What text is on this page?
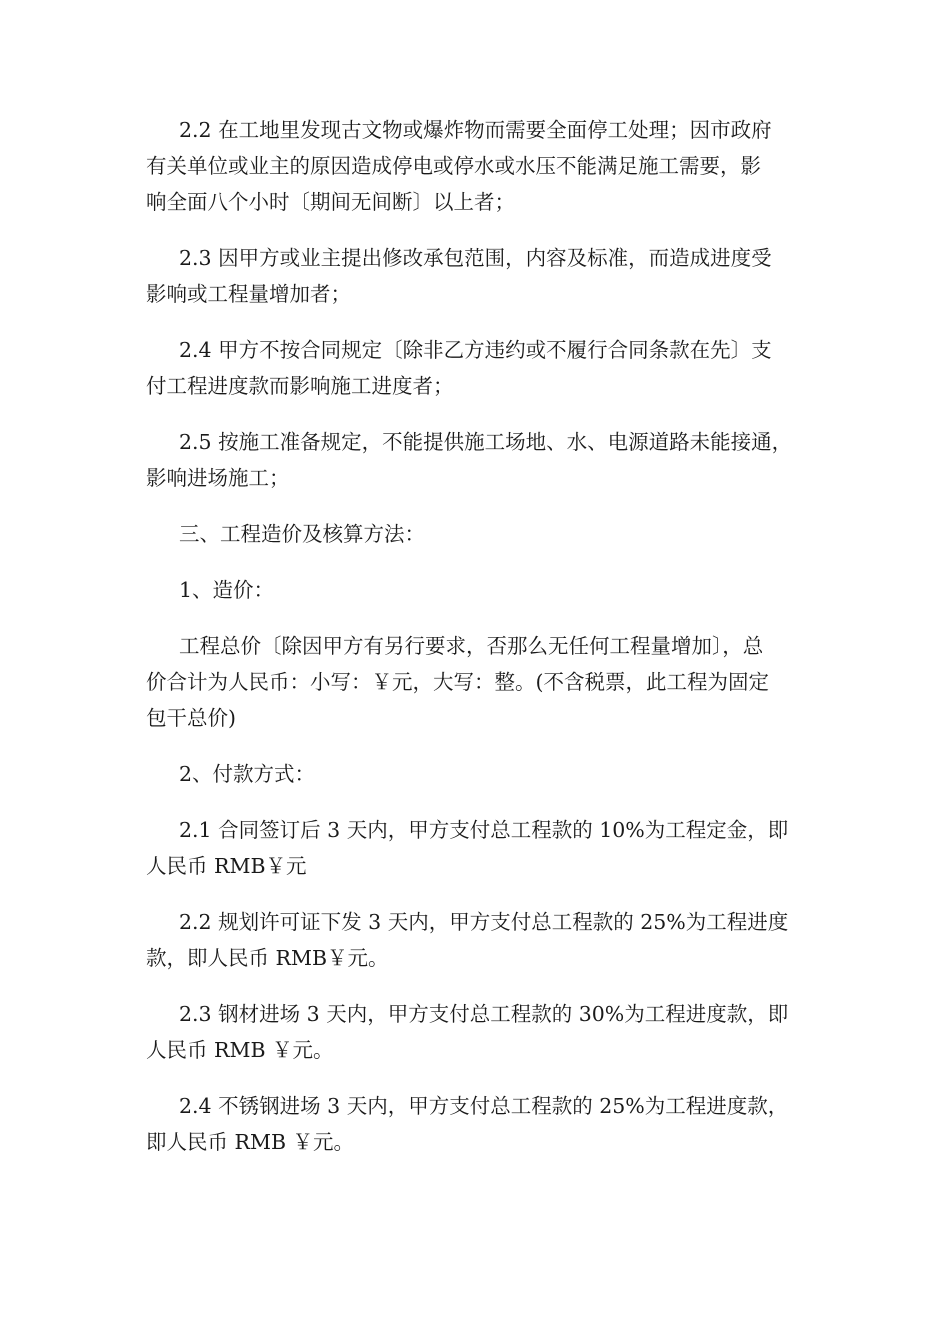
2.2 在工地里发现古文物或爆炸物而需要全面停工处理；因市政府
有关单位或业主的原因造成停电或停水或水压不能满足施工需要，影
响全面八个小时〔期间无间断〕以上者；

2.3 因甲方或业主提出修改承包范围，内容及标准，而造成进度受
影响或工程量增加者；

2.4 甲方不按合同规定〔除非乙方违约或不履行合同条款在先〕支
付工程进度款而影响施工进度者；

2.5 按施工准备规定，不能提供施工场地、水、电源道路未能接通，
影响进场施工；

三、工程造价及核算方法：

1、造价：

工程总价〔除因甲方有另行要求，否那么无任何工程量增加〕，总
价合计为人民币：小写：￥元，大写：整。(不含税票，此工程为固定
包干总价)

2、付款方式：

2.1 合同签订后 3 天内，甲方支付总工程款的 10%为工程定金，即
人民币 RMB￥元

2.2 规划许可证下发 3 天内，甲方支付总工程款的 25%为工程进度
款，即人民币 RMB￥元。

2.3 钢材进场 3 天内，甲方支付总工程款的 30%为工程进度款，即
人民币 RMB ￥元。

2.4 不锈钢进场 3 天内，甲方支付总工程款的 25%为工程进度款，
即人民币 RMB ￥元。
